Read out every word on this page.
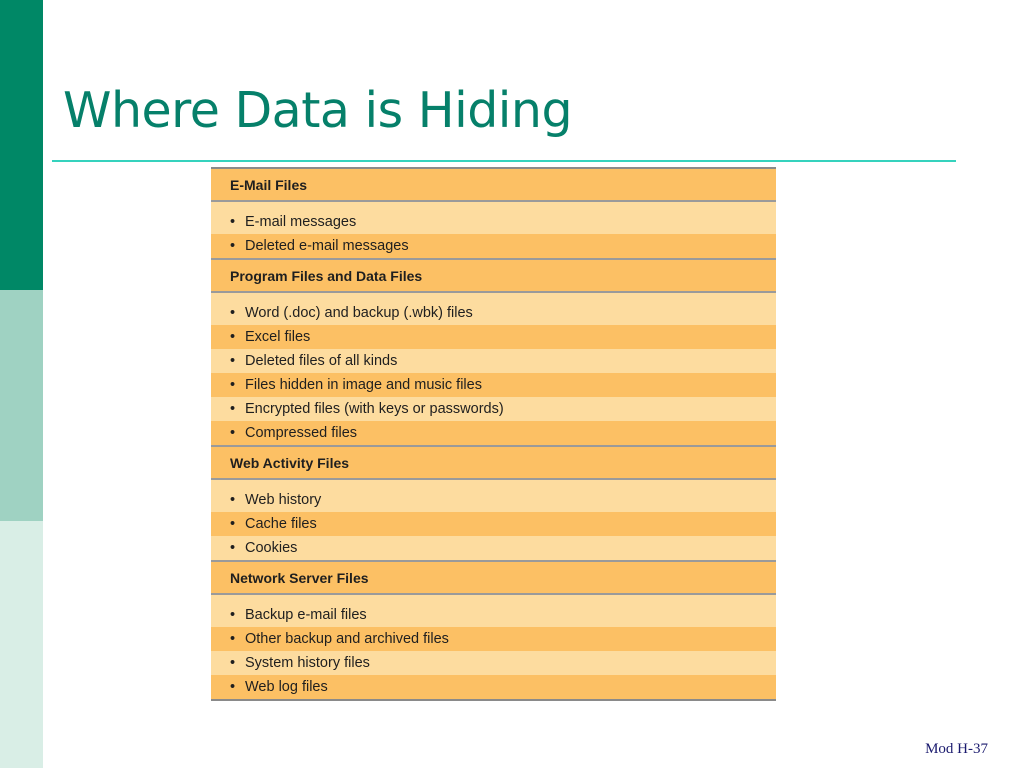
Where Data is Hiding
E-Mail Files
• E-mail messages
• Deleted e-mail messages
Program Files and Data Files
• Word (.doc) and backup (.wbk) files
• Excel files
• Deleted files of all kinds
• Files hidden in image and music files
• Encrypted files (with keys or passwords)
• Compressed files
Web Activity Files
• Web history
• Cache files
• Cookies
Network Server Files
• Backup e-mail files
• Other backup and archived files
• System history files
• Web log files
Mod H-37
